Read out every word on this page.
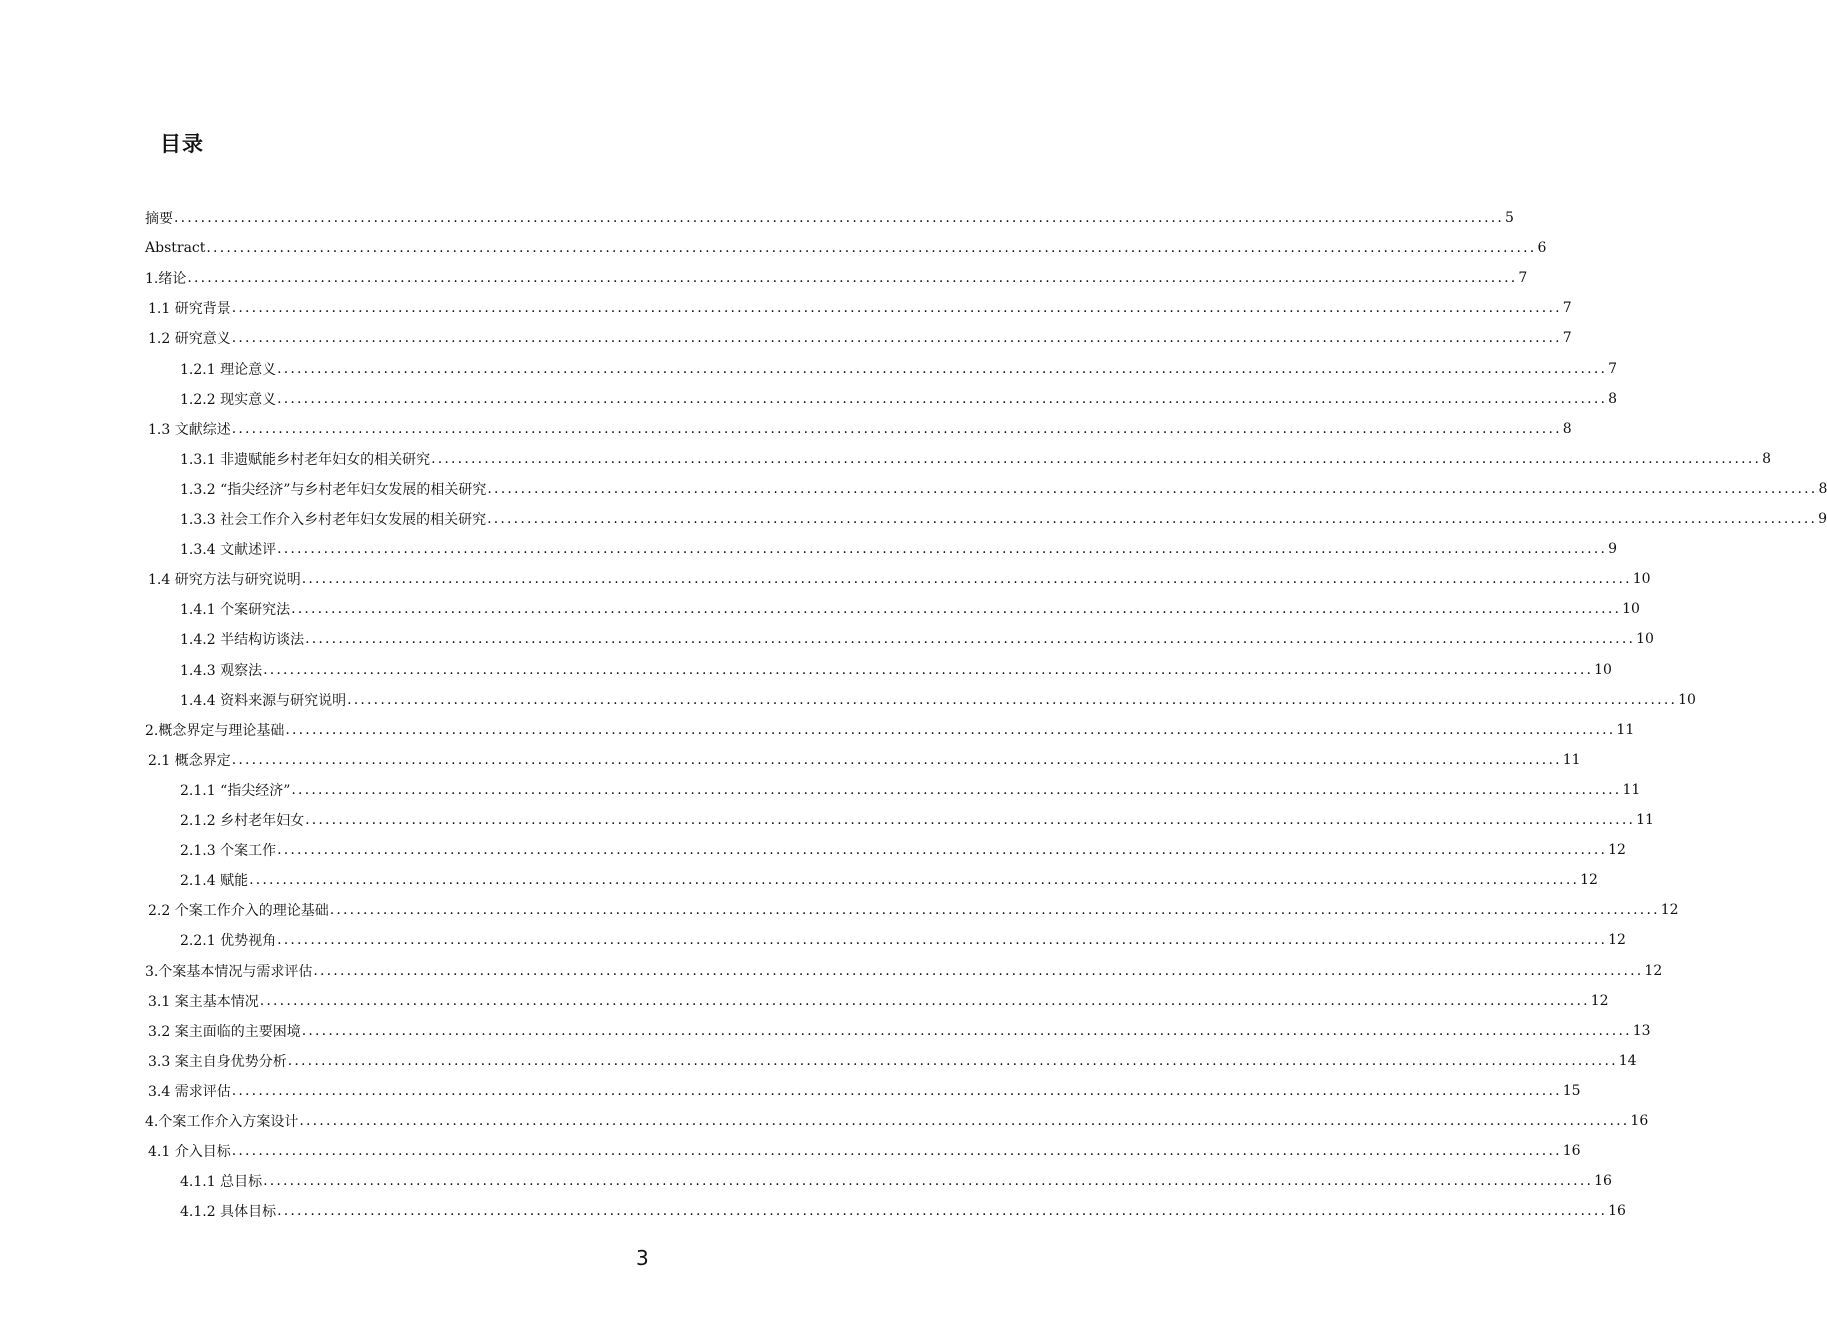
目录
摘要 ........................................................................................................................................................................................................ 5
Abstract ........................................................................................................................................................................................................ 6
1.绪论 ........................................................................................................................................................................................................ 7
1.1 研究背景 ........................................................................................................................................................................................................ 7
1.2 研究意义 ........................................................................................................................................................................................................ 7
1.2.1 理论意义 ........................................................................................................................................................................................................ 7
1.2.2 现实意义 ........................................................................................................................................................................................................ 8
1.3 文献综述 ........................................................................................................................................................................................................ 8
1.3.1 非遗赋能乡村老年妇女的相关研究 ........................................................................................................................................................................................................ 8
1.3.2 “指尖经济”与乡村老年妇女发展的相关研究 ........................................................................................................................................................................................................ 8
1.3.3 社会工作介入乡村老年妇女发展的相关研究 ........................................................................................................................................................................................................ 9
1.3.4 文献述评 ........................................................................................................................................................................................................ 9
1.4 研究方法与研究说明 ........................................................................................................................................................................................................ 10
1.4.1 个案研究法 ........................................................................................................................................................................................................ 10
1.4.2 半结构访谈法 ........................................................................................................................................................................................................ 10
1.4.3 观察法 ........................................................................................................................................................................................................ 10
1.4.4 资料来源与研究说明 ........................................................................................................................................................................................................ 10
2.概念界定与理论基础 ........................................................................................................................................................................................................ 11
2.1 概念界定 ........................................................................................................................................................................................................ 11
2.1.1 “指尖经济” ........................................................................................................................................................................................................ 11
2.1.2 乡村老年妇女 ........................................................................................................................................................................................................ 11
2.1.3 个案工作 ........................................................................................................................................................................................................ 12
2.1.4 赋能 ........................................................................................................................................................................................................ 12
2.2 个案工作介入的理论基础 ........................................................................................................................................................................................................ 12
2.2.1 优势视角 ........................................................................................................................................................................................................ 12
3.个案基本情况与需求评估 ........................................................................................................................................................................................................ 12
3.1 案主基本情况 ........................................................................................................................................................................................................ 12
3.2 案主面临的主要困境 ........................................................................................................................................................................................................ 13
3.3 案主自身优势分析 ........................................................................................................................................................................................................ 14
3.4 需求评估 ........................................................................................................................................................................................................ 15
4.个案工作介入方案设计 ........................................................................................................................................................................................................ 16
4.1 介入目标 ........................................................................................................................................................................................................ 16
4.1.1 总目标 ........................................................................................................................................................................................................ 16
4.1.2 具体目标 ........................................................................................................................................................................................................ 16
3
